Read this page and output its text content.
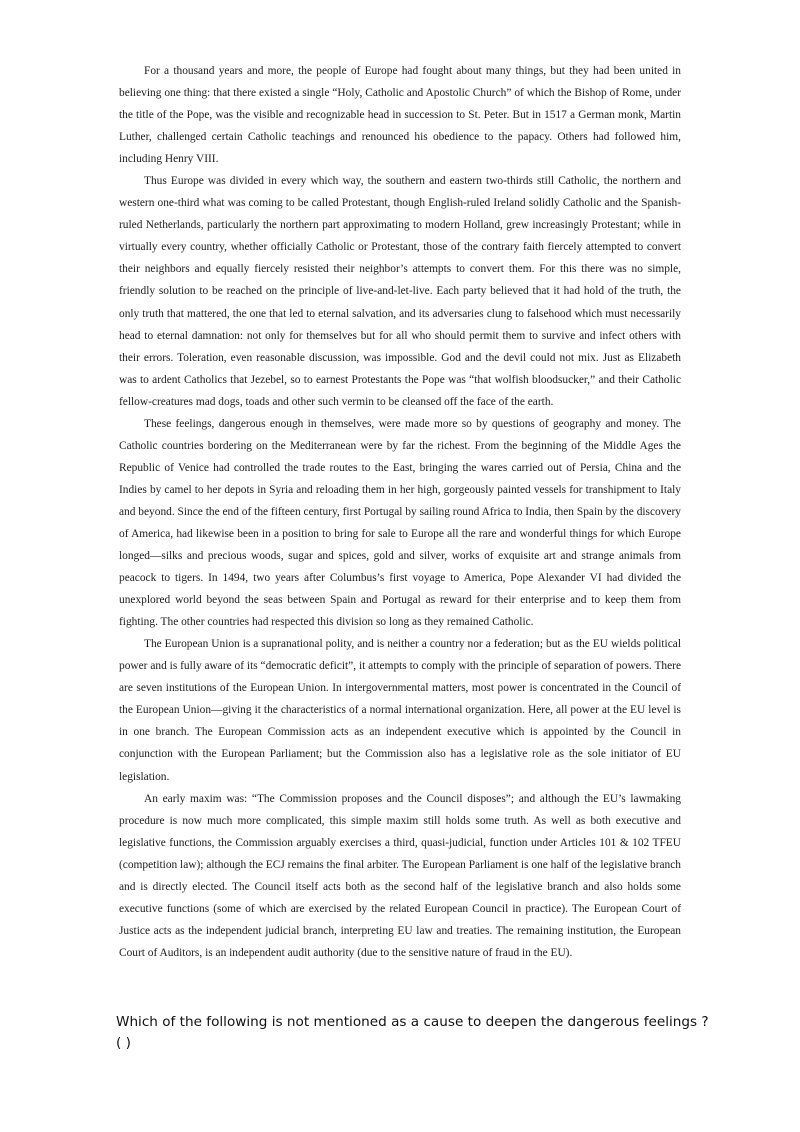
For a thousand years and more, the people of Europe had fought about many things, but they had been united in believing one thing: that there existed a single “Holy, Catholic and Apostolic Church” of which the Bishop of Rome, under the title of the Pope, was the visible and recognizable head in succession to St. Peter. But in 1517 a German monk, Martin Luther, challenged certain Catholic teachings and renounced his obedience to the papacy. Others had followed him, including Henry VIII.

Thus Europe was divided in every which way, the southern and eastern two-thirds still Catholic, the northern and western one-third what was coming to be called Protestant, though English-ruled Ireland solidly Catholic and the Spanish-ruled Netherlands, particularly the northern part approximating to modern Holland, grew increasingly Protestant; while in virtually every country, whether officially Catholic or Protestant, those of the contrary faith fiercely attempted to convert their neighbors and equally fiercely resisted their neighbor’s attempts to convert them. For this there was no simple, friendly solution to be reached on the principle of live-and-let-live. Each party believed that it had hold of the truth, the only truth that mattered, the one that led to eternal salvation, and its adversaries clung to falsehood which must necessarily head to eternal damnation: not only for themselves but for all who should permit them to survive and infect others with their errors. Toleration, even reasonable discussion, was impossible. God and the devil could not mix. Just as Elizabeth was to ardent Catholics that Jezebel, so to earnest Protestants the Pope was “that wolfish bloodsucker,” and their Catholic fellow-creatures mad dogs, toads and other such vermin to be cleansed off the face of the earth.

These feelings, dangerous enough in themselves, were made more so by questions of geography and money. The Catholic countries bordering on the Mediterranean were by far the richest. From the beginning of the Middle Ages the Republic of Venice had controlled the trade routes to the East, bringing the wares carried out of Persia, China and the Indies by camel to her depots in Syria and reloading them in her high, gorgeously painted vessels for transhipment to Italy and beyond. Since the end of the fifteen century, first Portugal by sailing round Africa to India, then Spain by the discovery of America, had likewise been in a position to bring for sale to Europe all the rare and wonderful things for which Europe longed—silks and precious woods, sugar and spices, gold and silver, works of exquisite art and strange animals from peacock to tigers. In 1494, two years after Columbus’s first voyage to America, Pope Alexander VI had divided the unexplored world beyond the seas between Spain and Portugal as reward for their enterprise and to keep them from fighting. The other countries had respected this division so long as they remained Catholic.

The European Union is a supranational polity, and is neither a country nor a federation; but as the EU wields political power and is fully aware of its “democratic deficit”, it attempts to comply with the principle of separation of powers. There are seven institutions of the European Union. In intergovernmental matters, most power is concentrated in the Council of the European Union—giving it the characteristics of a normal international organization. Here, all power at the EU level is in one branch. The European Commission acts as an independent executive which is appointed by the Council in conjunction with the European Parliament; but the Commission also has a legislative role as the sole initiator of EU legislation.

An early maxim was: “The Commission proposes and the Council disposes”; and although the EU’s lawmaking procedure is now much more complicated, this simple maxim still holds some truth. As well as both executive and legislative functions, the Commission arguably exercises a third, quasi-judicial, function under Articles 101 & 102 TFEU (competition law); although the ECJ remains the final arbiter. The European Parliament is one half of the legislative branch and is directly elected. The Council itself acts both as the second half of the legislative branch and also holds some executive functions (some of which are exercised by the related European Council in practice). The European Court of Justice acts as the independent judicial branch, interpreting EU law and treaties. The remaining institution, the European Court of Auditors, is an independent audit authority (due to the sensitive nature of fraud in the EU).

Which of the following is not mentioned as a cause to deepen the dangerous feelings ?
( )
